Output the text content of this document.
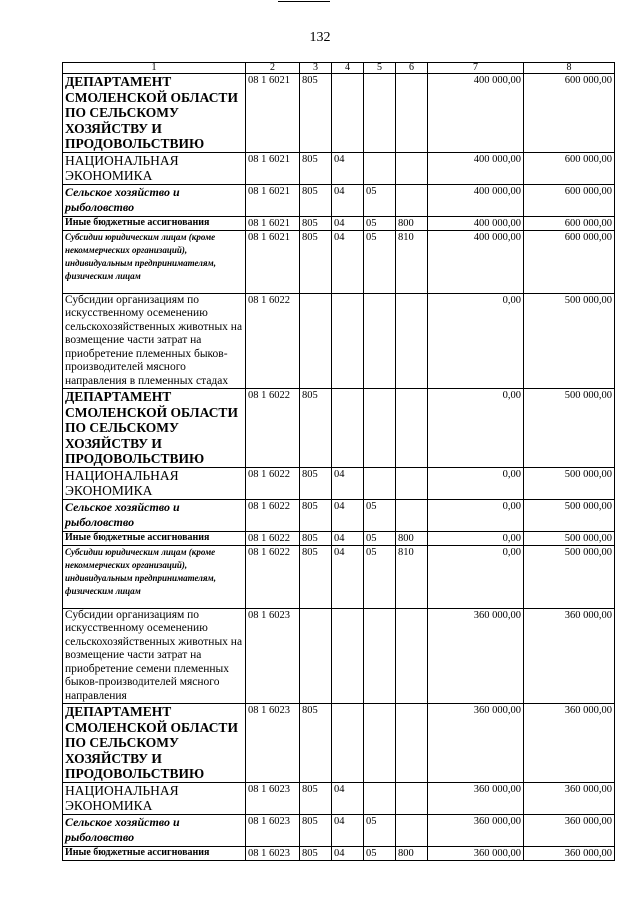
132
1	2	3	4	5	6	7	8
ДЕПАРТАМЕНТ СМОЛЕНСКОЙ ОБЛАСТИ ПО СЕЛЬСКОМУ ХОЗЯЙСТВУ И ПРОДОВОЛЬСТВИЮ	08 1 6021	805				400 000,00	600 000,00
НАЦИОНАЛЬНАЯ ЭКОНОМИКА	08 1 6021	805	04			400 000,00	600 000,00
Сельское хозяйство и рыболовство	08 1 6021	805	04	05		400 000,00	600 000,00
Иные бюджетные ассигнования	08 1 6021	805	04	05	800	400 000,00	600 000,00
Субсидии юридическим лицам (кроме некоммерческих организаций), индивидуальным предпринимателям, физическим лицам	08 1 6021	805	04	05	810	400 000,00	600 000,00
Субсидии организациям по искусственному осеменению сельскохозяйственных животных на возмещение части затрат на приобретение племенных быков-производителей мясного направления в племенных стадах	08 1 6022					0,00	500 000,00
ДЕПАРТАМЕНТ СМОЛЕНСКОЙ ОБЛАСТИ ПО СЕЛЬСКОМУ ХОЗЯЙСТВУ И ПРОДОВОЛЬСТВИЮ	08 1 6022	805				0,00	500 000,00
НАЦИОНАЛЬНАЯ ЭКОНОМИКА	08 1 6022	805	04			0,00	500 000,00
Сельское хозяйство и рыболовство	08 1 6022	805	04	05		0,00	500 000,00
Иные бюджетные ассигнования	08 1 6022	805	04	05	800	0,00	500 000,00
Субсидии юридическим лицам (кроме некоммерческих организаций), индивидуальным предпринимателям, физическим лицам	08 1 6022	805	04	05	810	0,00	500 000,00
Субсидии организациям по искусственному осеменению сельскохозяйственных животных на возмещение части затрат на приобретение семени племенных быков-производителей мясного направления	08 1 6023					360 000,00	360 000,00
ДЕПАРТАМЕНТ СМОЛЕНСКОЙ ОБЛАСТИ ПО СЕЛЬСКОМУ ХОЗЯЙСТВУ И ПРОДОВОЛЬСТВИЮ	08 1 6023	805				360 000,00	360 000,00
НАЦИОНАЛЬНАЯ ЭКОНОМИКА	08 1 6023	805	04			360 000,00	360 000,00
Сельское хозяйство и рыболовство	08 1 6023	805	04	05		360 000,00	360 000,00
Иные бюджетные ассигнования	08 1 6023	805	04	05	800	360 000,00	360 000,00
